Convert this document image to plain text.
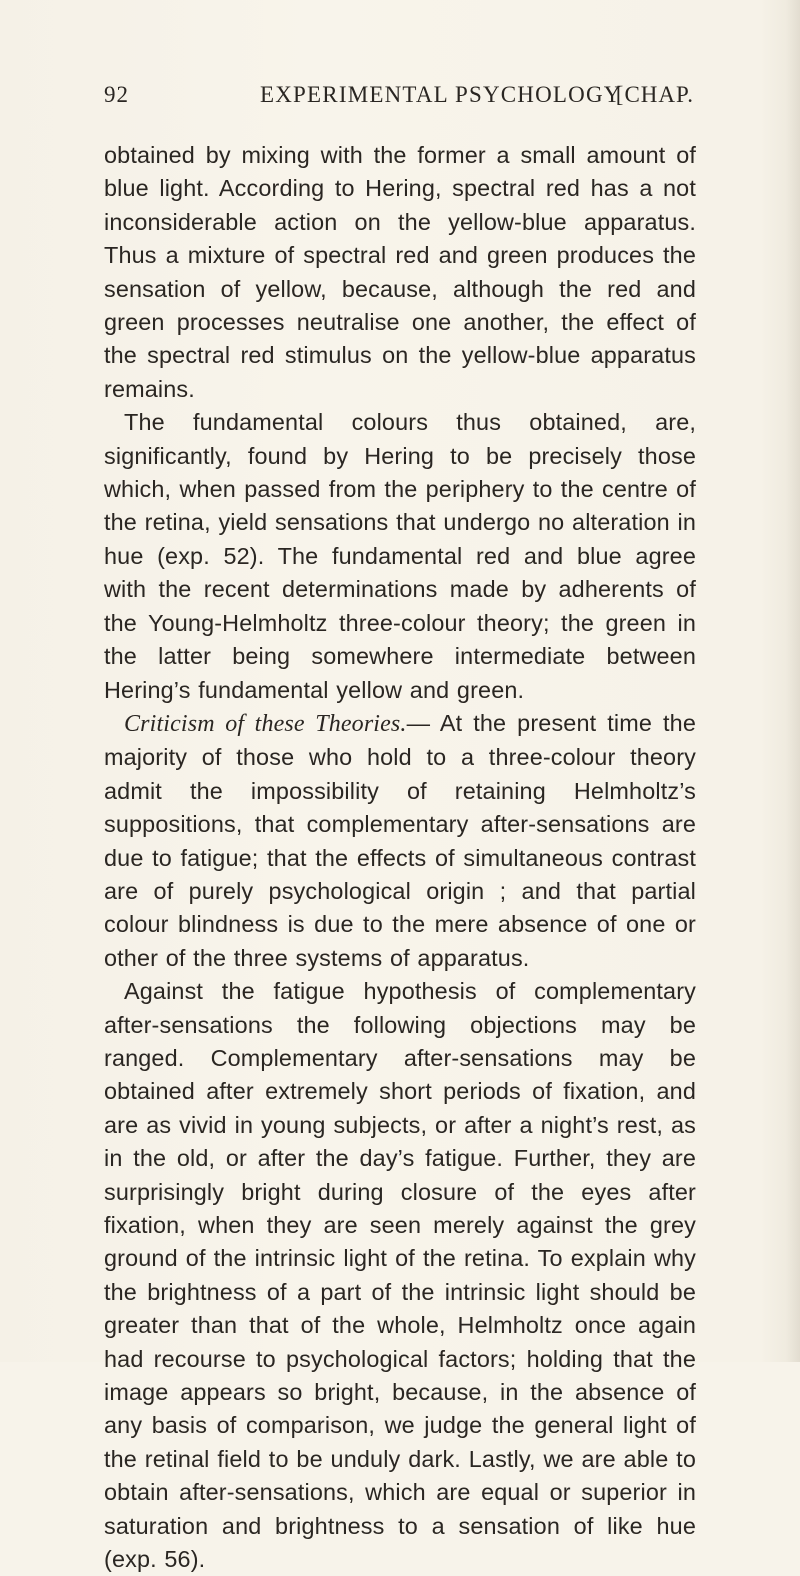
92	EXPERIMENTAL PSYCHOLOGY
[CHAP.

obtained by mixing with the former a small amount of blue light. According to Hering, spectral red has a not inconsiderable action on the yellow-blue apparatus. Thus a mixture of spectral red and green produces the sensation of yellow, because, although the red and green processes neutralise one another, the effect of the spectral red stimulus on the yellow-blue apparatus remains.

The fundamental colours thus obtained, are, significantly, found by Hering to be precisely those which, when passed from the periphery to the centre of the retina, yield sensations that undergo no alteration in hue (exp. 52). The fundamental red and blue agree with the recent determinations made by adherents of the Young-Helmholtz three-colour theory; the green in the latter being somewhere intermediate between Hering’s fundamental yellow and green.

Criticism of these Theories.— At the present time the majority of those who hold to a three-colour theory admit the impossibility of retaining Helmholtz’s suppositions, that complementary after-sensations are due to fatigue; that the effects of simultaneous contrast are of purely psychological origin ; and that partial colour blindness is due to the mere absence of one or other of the three systems of apparatus.

Against the fatigue hypothesis of complementary after-sensations the following objections may be ranged. Complementary after-sensations may be obtained after extremely short periods of fixation, and are as vivid in young subjects, or after a night’s rest, as in the old, or after the day’s fatigue. Further, they are surprisingly bright during closure of the eyes after fixation, when they are seen merely against the grey ground of the intrinsic light of the retina. To explain why the brightness of a part of the intrinsic light should be greater than that of the whole, Helmholtz once again had recourse to psychological factors; holding that the image appears so bright, because, in the absence of any basis of comparison, we judge the general light of the retinal field to be unduly dark. Lastly, we are able to obtain after-sensations, which are equal or superior in saturation and brightness to a sensation of like hue (exp. 56).
